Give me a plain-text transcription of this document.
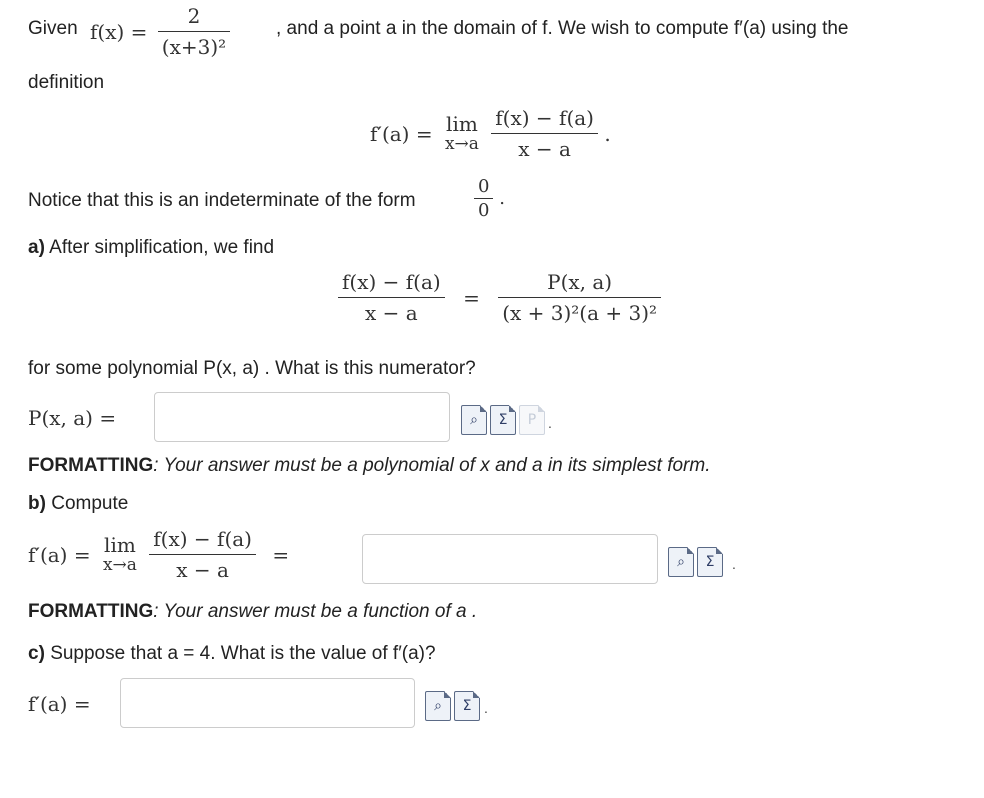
Given $f(x) = \frac{2}{\text{(x+3)²}}$ , and a point a in the domain of f. We wish to compute f′(a) using the
definition
f′(a) = lim
x→a
$\frac{f(x) - f(a)}{x - a}$ .
Notice that this is an indeterminate of the form	$\frac{0}{0}$ .
a) After simplification, we find
$\frac{f(x) - f(a)}{x - a} = \frac{P(x, a)}{\text{(x + 3)²(a + 3)²}}$
for some polynomial P(x, a) . What is this numerator?
P(x, a) =	⌕ Σ P .
FORMATTING: Your answer must be a polynomial of x and a in its simplest form.
b) Compute
f′(a) = lim
x→a
$\frac{f(x) - f(a)}{x - a}$ =	⌕ Σ .
FORMATTING: Your answer must be a function of a .
c) Suppose that a = 4. What is the value of f′(a)?
f′(a) =	⌕ Σ .
